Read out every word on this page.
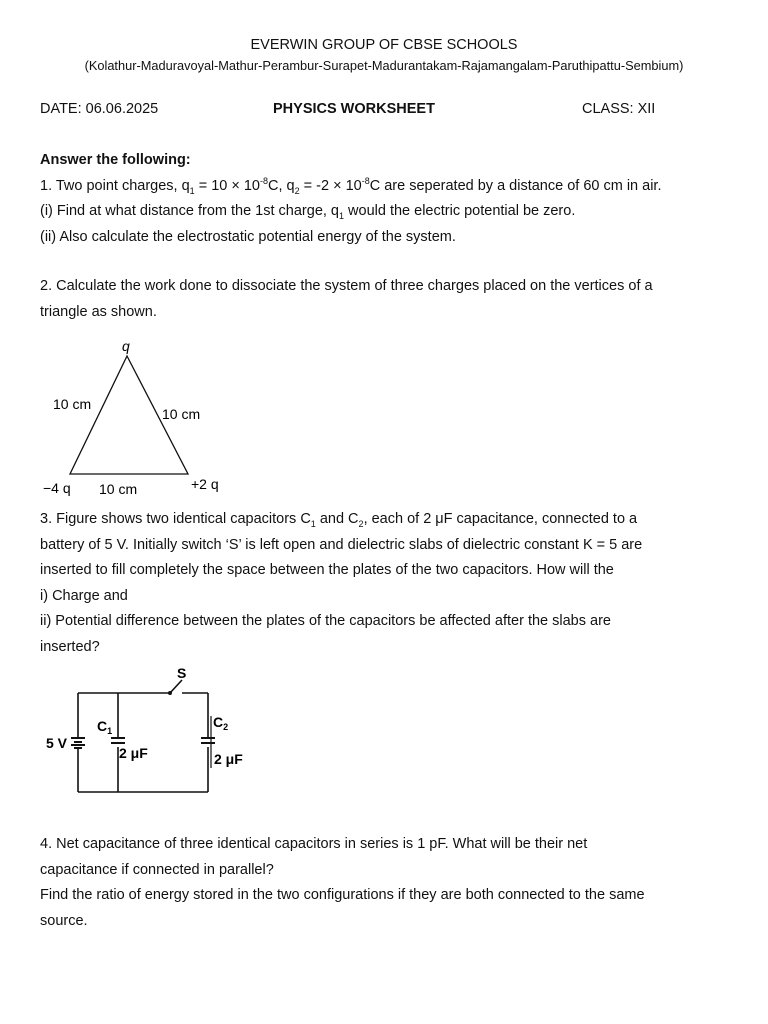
EVERWIN GROUP OF CBSE SCHOOLS
(Kolathur-Maduravoyal-Mathur-Perambur-Surapet-Madurantakam-Rajamangalam-Paruthipattu-Sembium)
DATE: 06.06.2025	PHYSICS WORKSHEET	CLASS: XII
Answer the following:
1. Two point charges, $q_1 = 10 \times 10^{-8}C$, $q_2 = -2 \times 10^{-8}C$ are seperated by a distance of 60 cm in air.
(i) Find at what distance from the 1st charge, $q_1$ would the electric potential be zero.
(ii) Also calculate the electrostatic potential energy of the system.
2. Calculate the work done to dissociate the system of three charges placed on the vertices of a
triangle as shown.
q
10 cm
10 cm
10 cm
−4 q	+2 q
3. Figure shows two identical capacitors $C_1$ and $C_2$, each of 2 μF capacitance, connected to a
battery of 5 V. Initially switch ‘S’ is left open and dielectric slabs of dielectric constant K = 5 are
inserted to fill completely the space between the plates of the two capacitors. How will the
i) Charge and
ii) Potential difference between the plates of the capacitors be affected after the slabs are
inserted?
S
5 V
$C_1$
2 μF
$C_2$
2 μF
4. Net capacitance of three identical capacitors in series is 1 pF. What will be their net
capacitance if connected in parallel?
Find the ratio of energy stored in the two configurations if they are both connected to the same
source.
